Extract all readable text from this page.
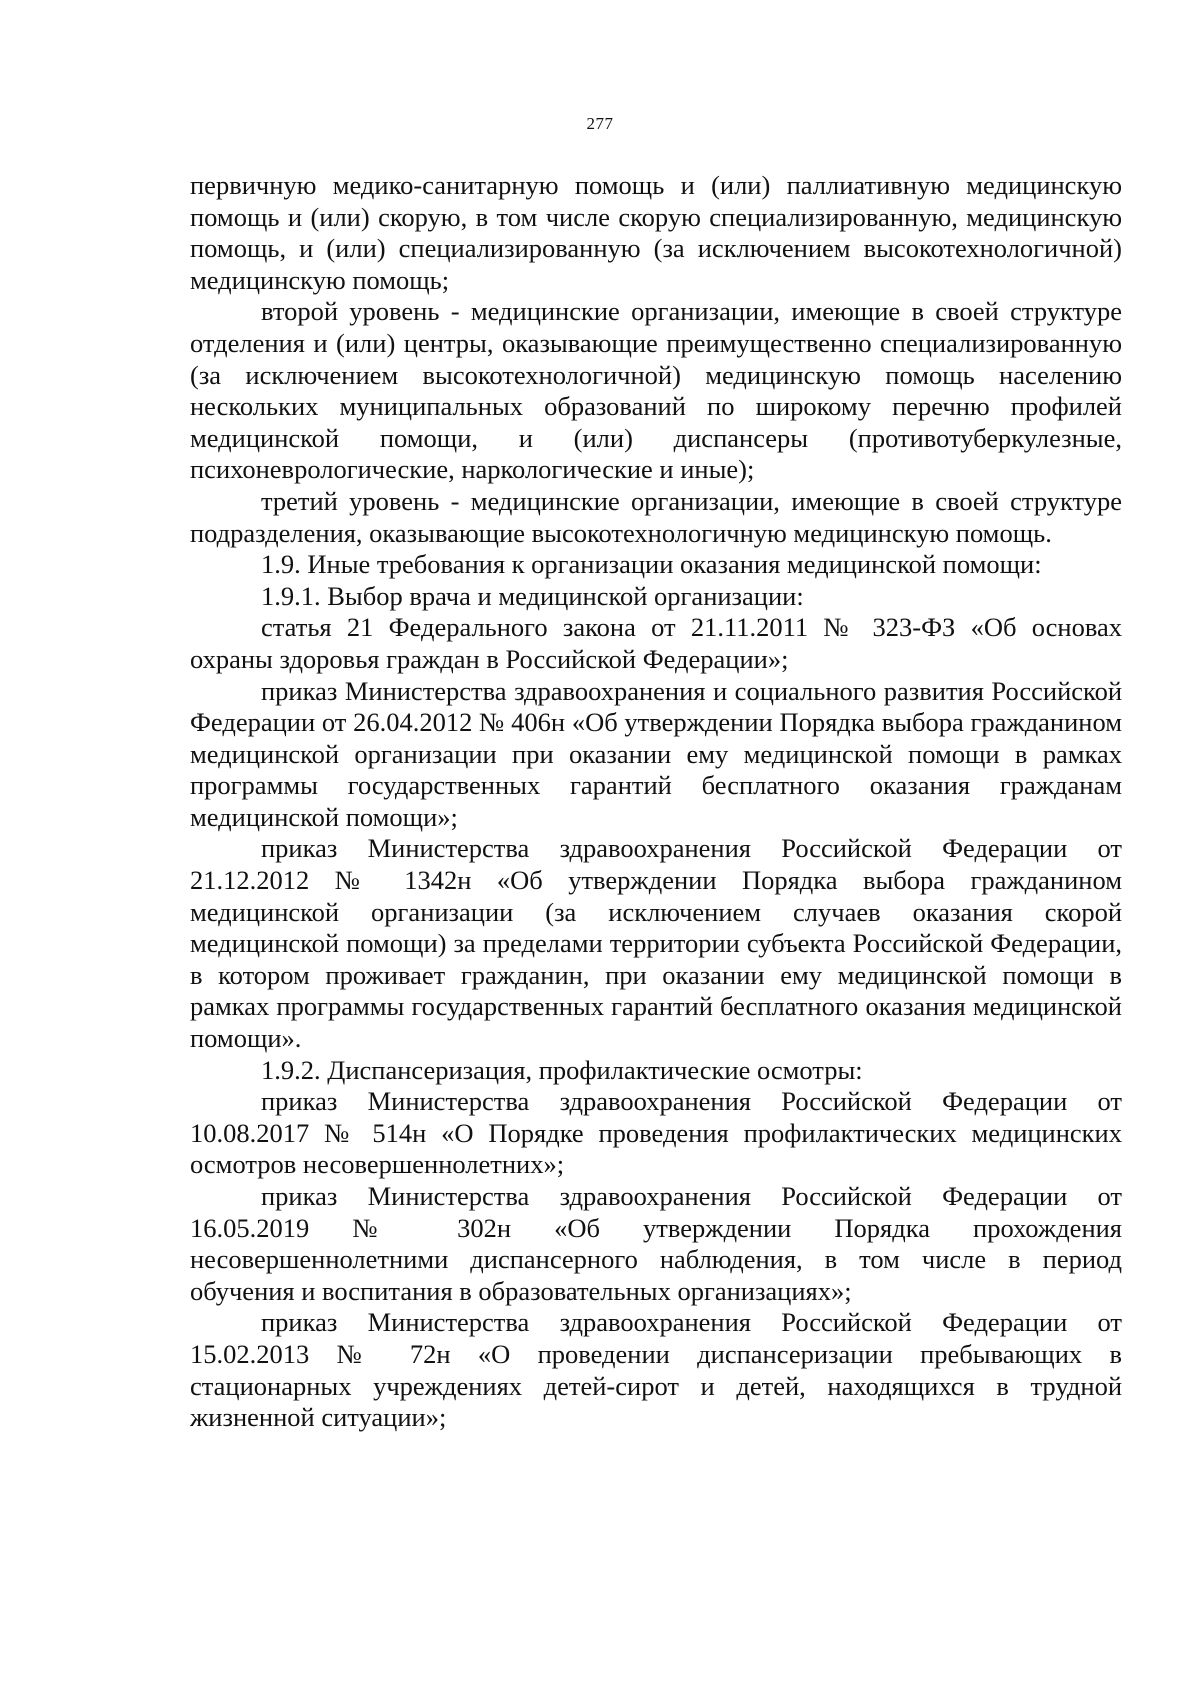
277

первичную медико-санитарную помощь и (или) паллиативную медицинскую помощь и (или) скорую, в том числе скорую специализированную, медицинскую помощь, и (или) специализированную (за исключением высокотехнологичной) медицинскую помощь;

второй уровень - медицинские организации, имеющие в своей структуре отделения и (или) центры, оказывающие преимущественно специализированную (за исключением высокотехнологичной) медицинскую помощь населению нескольких муниципальных образований по широкому перечню профилей медицинской помощи, и (или) диспансеры (противотуберкулезные, психоневрологические, наркологические и иные);

третий уровень - медицинские организации, имеющие в своей структуре подразделения, оказывающие высокотехнологичную медицинскую помощь.

1.9. Иные требования к организации оказания медицинской помощи:

1.9.1. Выбор врача и медицинской организации:

статья 21 Федерального закона от 21.11.2011 № 323-ФЗ «Об основах охраны здоровья граждан в Российской Федерации»;

приказ Министерства здравоохранения и социального развития Российской Федерации от 26.04.2012 № 406н «Об утверждении Порядка выбора гражданином медицинской организации при оказании ему медицинской помощи в рамках программы государственных гарантий бесплатного оказания гражданам медицинской помощи»;

приказ Министерства здравоохранения Российской Федерации от 21.12.2012 № 1342н «Об утверждении Порядка выбора гражданином медицинской организации (за исключением случаев оказания скорой медицинской помощи) за пределами территории субъекта Российской Федерации, в котором проживает гражданин, при оказании ему медицинской помощи в рамках программы государственных гарантий бесплатного оказания медицинской помощи».

1.9.2. Диспансеризация, профилактические осмотры:

приказ Министерства здравоохранения Российской Федерации от 10.08.2017 № 514н «О Порядке проведения профилактических медицинских осмотров несовершеннолетних»;

приказ Министерства здравоохранения Российской Федерации от 16.05.2019 № 302н «Об утверждении Порядка прохождения несовершеннолетними диспансерного наблюдения, в том числе в период обучения и воспитания в образовательных организациях»;

приказ Министерства здравоохранения Российской Федерации от 15.02.2013 № 72н «О проведении диспансеризации пребывающих в стационарных учреждениях детей-сирот и детей, находящихся в трудной жизненной ситуации»;
